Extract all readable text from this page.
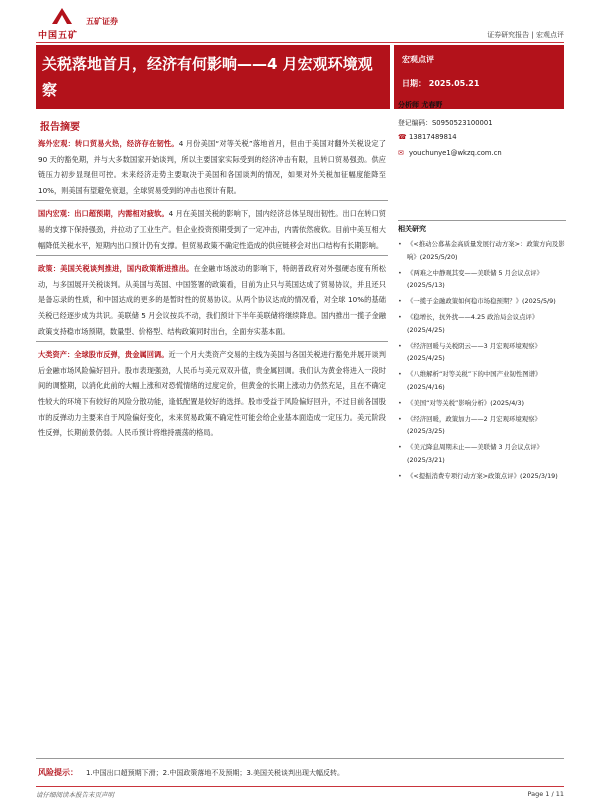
中国五矿
五矿证券
证券研究报告 | 宏观点评
关税落地首月，经济有何影响——4 月宏观环境观察
宏观点评
日期： 2025.05.21
报告摘要

海外宏观：转口贸易火热，经济存在韧性。4 月份美国“对等关税”落地首月，但由于美国对翻外关税设定了 90 天的豁免期，并与大多数国家开始谈判，所以主要国家实际受到的经济冲击有限，且转口贸易强劲。供应链压力初步显现但可控。未来经济走势主要取决于美国和各国谈判的情况，如果对外关税加征幅度能降至 10%，则美国有望避免衰退，全球贸易受到的冲击也预计有限。

国内宏观：出口超预期，内需相对疲软。4 月在美国关税的影响下，国内经济总体呈现出韧性。出口在转口贸易的支撑下保持强劲，并拉动了工业生产。但企业投资预期受到了一定冲击，内需依然疲软。目前中美互相大幅降低关税水平，短期内出口预计仍有支撑。但贸易政策不确定性造成的供应链移会对出口结构有长期影响。

政策：美国关税谈判推进，国内政策渐进推出。在金融市场波动的影响下，特朗普政府对外强硬态度有所松动，与多国展开关税谈判。从美国与英国、中国签署的政策看，目前为止只与英国达成了贸易协议，并且还只是备忘录的性质，和中国达成的更多的是暂时性的贸易协议。从两个协议达成的情况看，对全球 10%的基础关税已经逐步成为共识。美联储 5 月会议按兵不动，我们预计下半年美联储将继续降息。国内推出一揽子金融政策支持稳市场预期，数量型、价格型、结构政策同时出台，全面夯实基本面。

大类资产：全球股市反弹，贵金属回调。近一个月大类资产交易的主线为美国与各国关税进行豁免并展开谈判后金融市场风险偏好回升。股市表现强劲，人民币与美元双双升值，贵金属回调。我们认为黄金将进入一段时间的调整期，以消化此前的大幅上涨和对恐慌情绪的过度定价，但黄金的长期上涨动力仍然充足，且在不确定性较大的环境下有较好的风险分散功能，逢低配置是较好的选择。股市受益于风险偏好回升，不过目前各国股市的反弹动力主要来自于风险偏好变化，未来贸易政策不确定性可能会给企业基本面造成一定压力。美元阶段性反弹，长期前景仍弱。人民币预计将维持震荡的格局。

分析师 尤春野
登记编码：S0950523100001
☎ 13817489814
✉ youchunye1@wkzq.com.cn
相关研究
• 《<推动公募基金高质量发展行动方案>：政策方向及影响》(2025/5/20)
• 《两难之中静观其变——美联储 5 月会议点评》(2025/5/13)
• 《一揽子金融政策如何稳市场稳预期？》(2025/5/9)
• 《稳增长，抗外扰——4.25 政治局会议点评》(2025/4/25)
• 《经济回暖与关税阴云——3 月宏观环境观察》(2025/4/25)
• 《八维解析“对等关税”下的中国产业韧性图谱》(2025/4/16)
• 《美国“对等关税”影响分析》(2025/4/3)
• 《经济回暖，政策加力——2 月宏观环境观察》(2025/3/25)
• 《美元降息周期未止——美联储 3 月会议点评》(2025/3/21)
• 《<提振消费专项行动方案>政策点评》(2025/3/19)
风险提示： 1.中国出口超预期下滑；2.中国政策落地不及预期；3.美国关税谈判出现大幅反转。
请仔细阅读本报告末页声明	Page 1 / 11
